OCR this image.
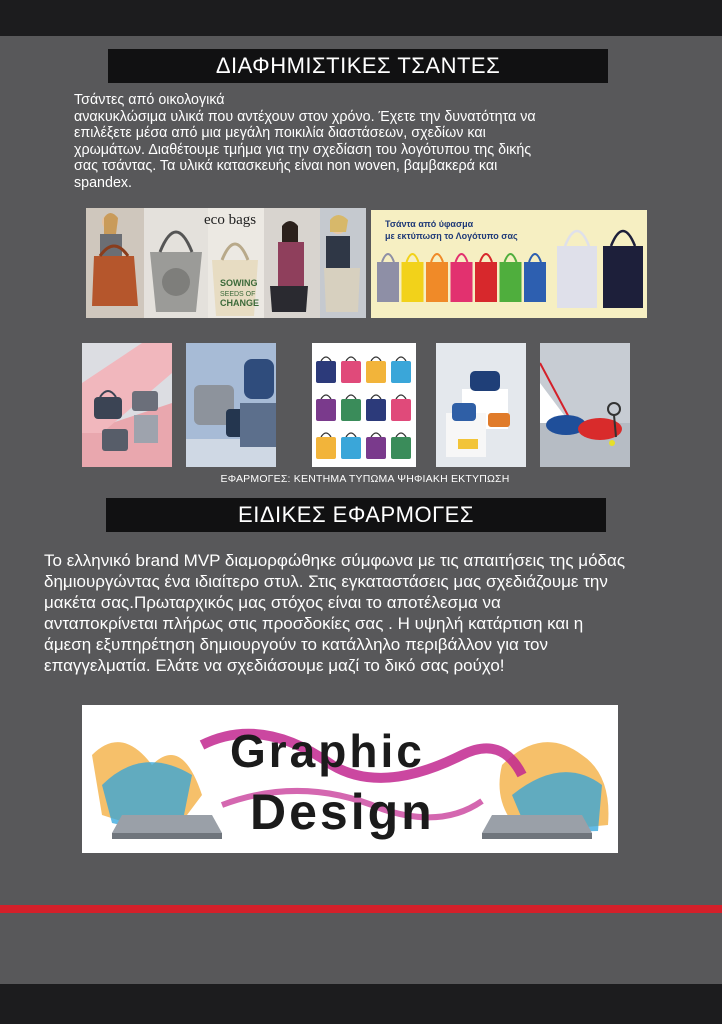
ΔΙΑΦΗΜΙΣΤΙΚΕΣ ΤΣΑΝΤΕΣ
Τσάντες από οικολογικά
ανακυκλώσιμα υλικά που αντέχουν στον χρόνο. Έχετε την δυνατότητα να
επιλέξετε μέσα από μια μεγάλη ποικιλία διαστάσεων, σχεδίων και
χρωμάτων. Διαθέτουμε τμήμα για την σχεδίαση του λογότυπου της δικής
σας τσάντας. Τα υλικά κατασκευής είναι non woven, βαμβακερά και
spandex.
SOWING
SEEDS OF
CHANGE
eco bags	Τσάντα από ύφασμα
με εκτύπωση το Λογότυπο σας
ΕΦΑΡΜΟΓΕΣ: ΚΕΝΤΗΜΑ ΤΥΠΩΜΑ ΨΗΦΙΑΚΗ ΕΚΤΥΠΩΣΗ
ΕΙΔΙΚΕΣ ΕΦΑΡΜΟΓΕΣ
Το ελληνικό brand MVP διαμορφώθηκε σύμφωνα με τις απαιτήσεις της μόδας
δημιουργώντας ένα ιδιαίτερο στυλ. Στις εγκαταστάσεις μας σχεδιάζουμε την
μακέτα σας.Πρωταρχικός μας στόχος είναι το αποτέλεσμα να
ανταποκρίνεται πλήρως στις προσδοκίες σας . Η υψηλή κατάρτιση και η
άμεση εξυπηρέτηση δημιουργούν το κατάλληλο περιβάλλον για τον
επαγγελματία. Ελάτε να σχεδιάσουμε μαζί το δικό σας ρούχο!
Graphic
Design
